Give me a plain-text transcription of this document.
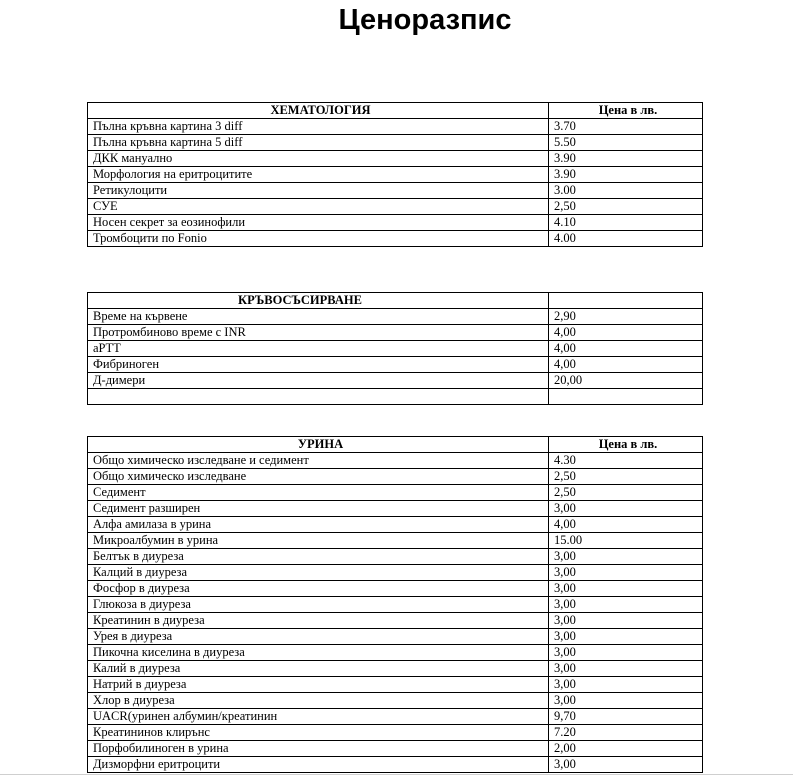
Ценоразпис
ХЕМАТОЛОГИЯ	Цена в лв.
Пълна кръвна картина 3 diff	3.70
Пълна кръвна картина 5 diff	5.50
ДКК мануално	3.90
Морфология на еритроцитите	3.90
Ретикулоцити	3.00
СУЕ	2,50
Носен секрет за еозинофили	4.10
Тромбоцити по Fonio	4.00
КРЪВОСЪСИРВАНЕ	
Време на кървене	2,90
Протромбиново време с INR	4,00
aPTT	4,00
Фибриноген	4,00
Д-димери	20,00

УРИНА	Цена в лв.
Общо химическо изследване и седимент	4.30
Общо химическо изследване	2,50
Седимент	2,50
Седимент разширен	3,00
Алфа амилаза в урина	4,00
Микроалбумин в урина	15.00
Белтък в диуреза	3,00
Калций в диуреза	3,00
Фосфор в диуреза	3,00
Глюкоза в диуреза	3,00
Креатинин в диуреза	3,00
Урея в диуреза	3,00
Пикочна киселина в диуреза	3,00
Калий в диуреза	3,00
Натрий в диуреза	3,00
Хлор в диуреза	3,00
UACR(уринен албумин/креатинин	9,70
Креатининов клирънс	7.20
Порфобилиноген в урина	2,00
Дизморфни еритроцити	3,00
